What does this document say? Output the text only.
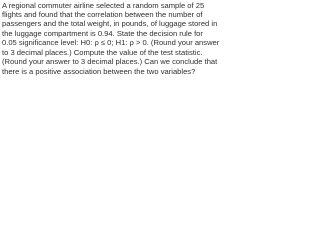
A regional commuter airline selected a random sample of 25
flights and found that the correlation between the number of
passengers and the total weight, in pounds, of luggage stored in
the luggage compartment is 0.94. State the decision rule for
0.05 significance level: H0: ρ ≤ 0; H1: ρ > 0. (Round your answer
to 3 decimal places.) Compute the value of the test statistic.
(Round your answer to 3 decimal places.) Can we conclude that
there is a positive association between the two variables?
